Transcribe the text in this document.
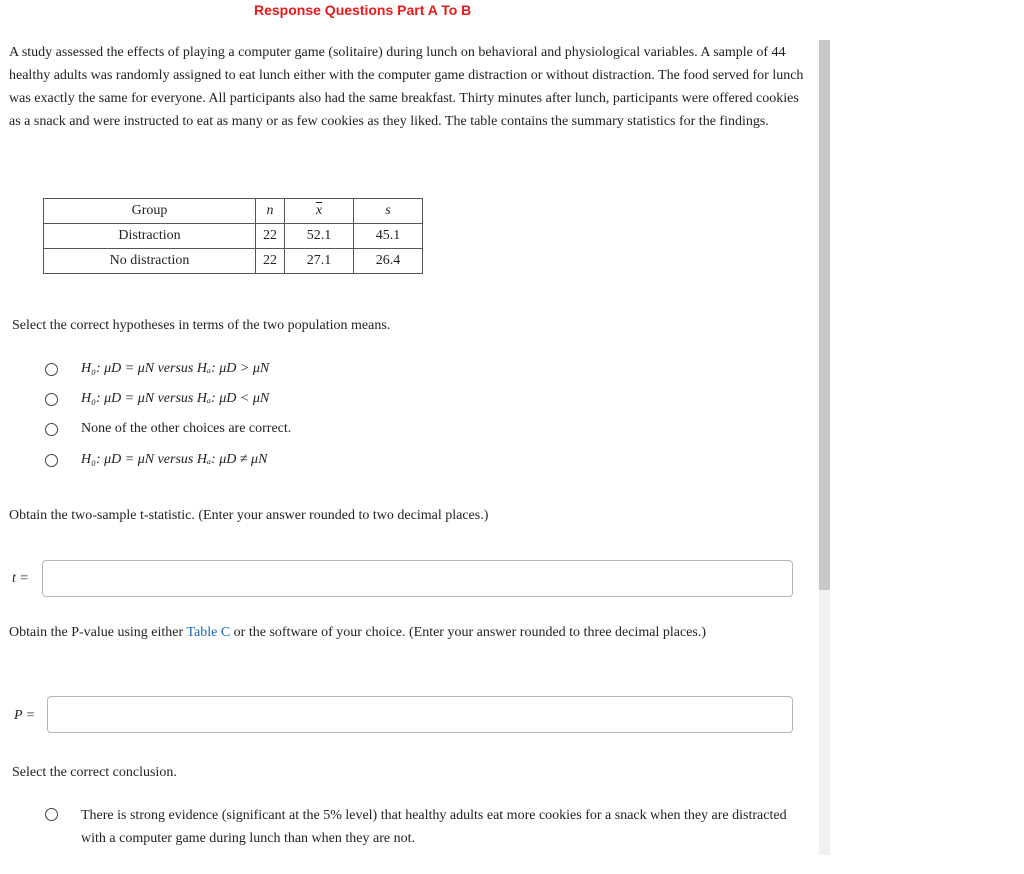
Response Questions Part A To B

A study assessed the effects of playing a computer game (solitaire) during lunch on behavioral and physiological variables. A sample of 44 healthy adults was randomly assigned to eat lunch either with the computer game distraction or without distraction. The food served for lunch was exactly the same for everyone. All participants also had the same breakfast. Thirty minutes after lunch, participants were offered cookies as a snack and were instructed to eat as many or as few cookies as they liked. The table contains the summary statistics for the findings.

Group	n	$\overline{x}$	s
Distraction	22	52.1	45.1
No distraction	22	27.1	26.4

Select the correct hypotheses in terms of the two population means.

H₀: μD = μN versus Hₐ: μD > μN
H₀: μD = μN versus Hₐ: μD < μN
None of the other choices are correct.
H₀: μD = μN versus Hₐ: μD ≠ μN

Obtain the two-sample t-statistic. (Enter your answer rounded to two decimal places.)

t =

Obtain the P-value using either Table C or the software of your choice. (Enter your answer rounded to three decimal places.)

P =

Select the correct conclusion.

There is strong evidence (significant at the 5% level) that healthy adults eat more cookies for a snack when they are distracted with a computer game during lunch than when they are not.
